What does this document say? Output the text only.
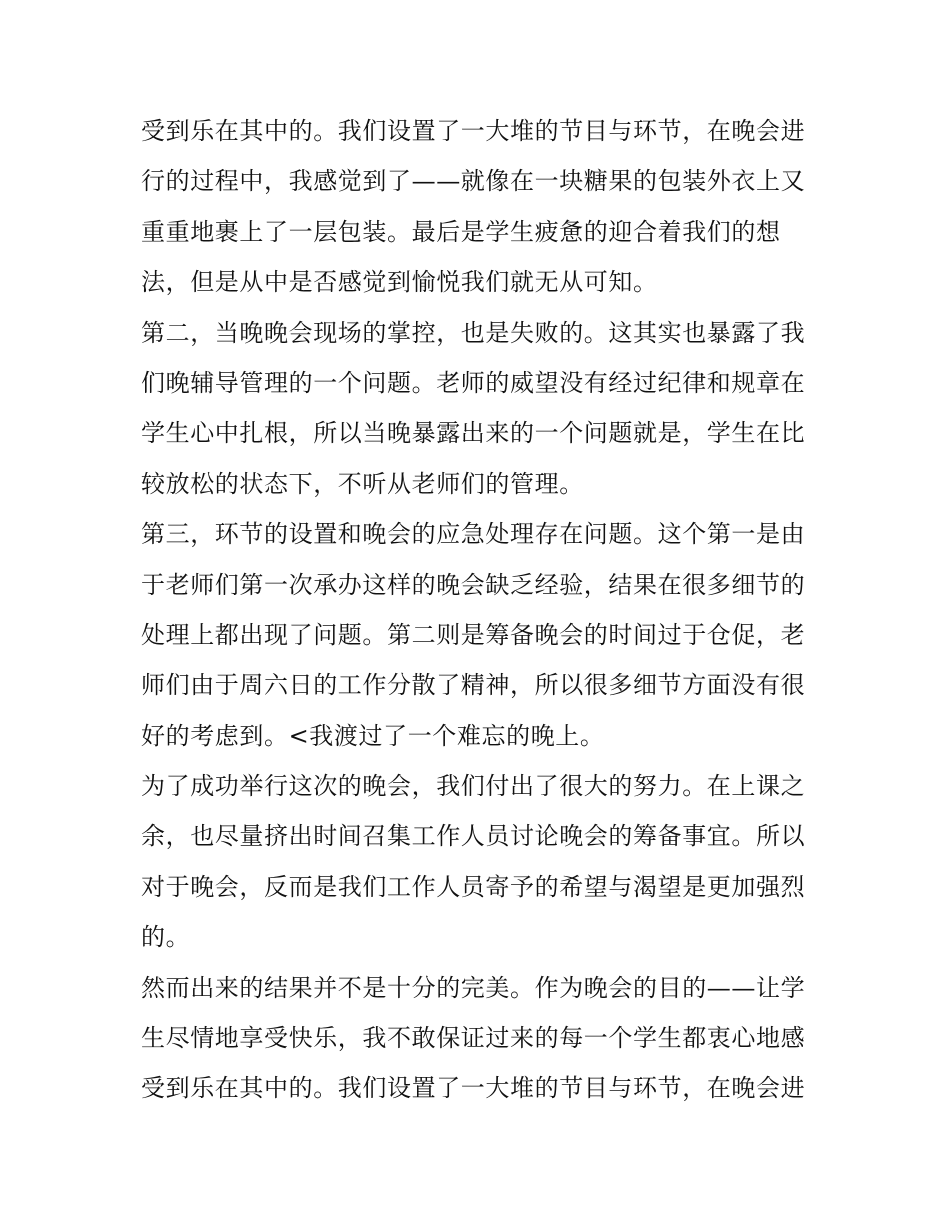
受到乐在其中的。我们设置了一大堆的节目与环节，在晚会进
行的过程中，我感觉到了——就像在一块糖果的包装外衣上又
重重地裹上了一层包装。最后是学生疲惫的迎合着我们的想
法，但是从中是否感觉到愉悦我们就无从可知。
第二，当晚晚会现场的掌控，也是失败的。这其实也暴露了我
们晚辅导管理的一个问题。老师的威望没有经过纪律和规章在
学生心中扎根，所以当晚暴露出来的一个问题就是，学生在比
较放松的状态下，不听从老师们的管理。
第三，环节的设置和晚会的应急处理存在问题。这个第一是由
于老师们第一次承办这样的晚会缺乏经验，结果在很多细节的
处理上都出现了问题。第二则是筹备晚会的时间过于仓促，老
师们由于周六日的工作分散了精神，所以很多细节方面没有很
好的考虑到。<我渡过了一个难忘的晚上。
为了成功举行这次的晚会，我们付出了很大的努力。在上课之
余，也尽量挤出时间召集工作人员讨论晚会的筹备事宜。所以
对于晚会，反而是我们工作人员寄予的希望与渴望是更加强烈
的。
然而出来的结果并不是十分的完美。作为晚会的目的——让学
生尽情地享受快乐，我不敢保证过来的每一个学生都衷心地感
受到乐在其中的。我们设置了一大堆的节目与环节，在晚会进
